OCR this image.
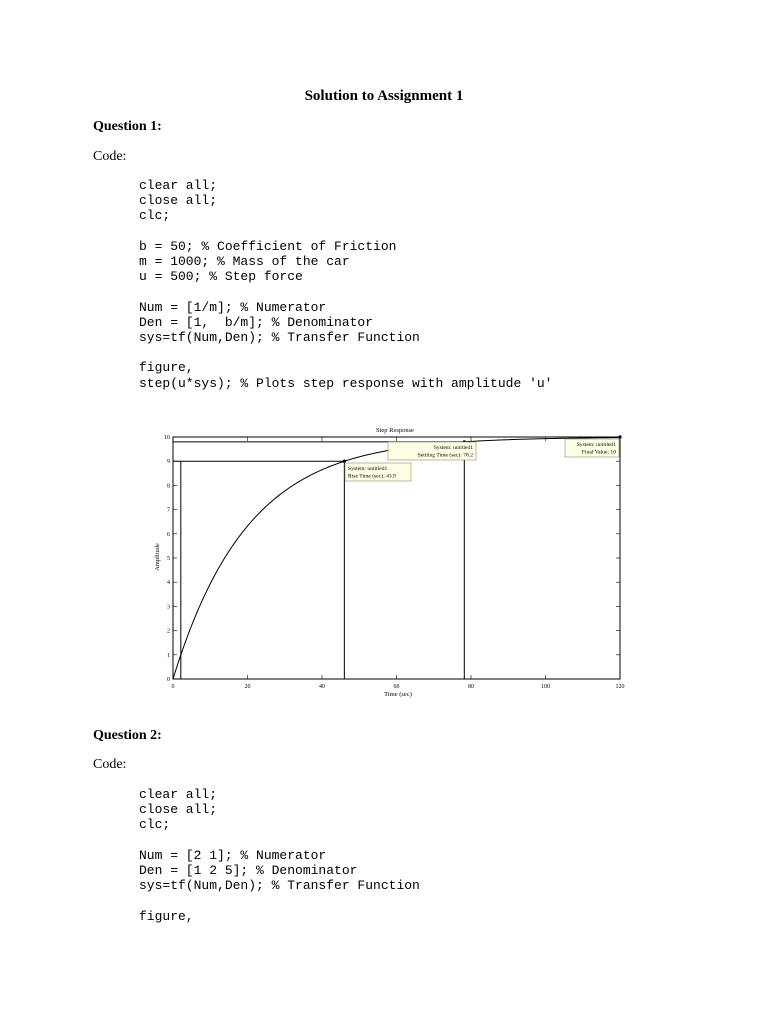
Solution to Assignment 1
Question 1:
Code:
clear all;
close all;
clc;

b = 50; % Coefficient of Friction
m = 1000; % Mass of the car
u = 500; % Step force

Num = [1/m]; % Numerator
Den = [1,  b/m]; % Denominator
sys=tf(Num,Den); % Transfer Function

figure,
step(u*sys); % Plots step response with amplitude 'u'
Step Response
Time (sec)
Amplitude
0	20	40	60	80	100	120
0
1
2
3
4
5
6
7
8
9
10
System: untitled1
Settling Time (sec): 78.2
System: untitled1
Rise Time (sec): 43.9
System: untitled1
Final Value: 10
Question 2:
Code:
clear all;
close all;
clc;

Num = [2 1]; % Numerator
Den = [1 2 5]; % Denominator
sys=tf(Num,Den); % Transfer Function

figure,
